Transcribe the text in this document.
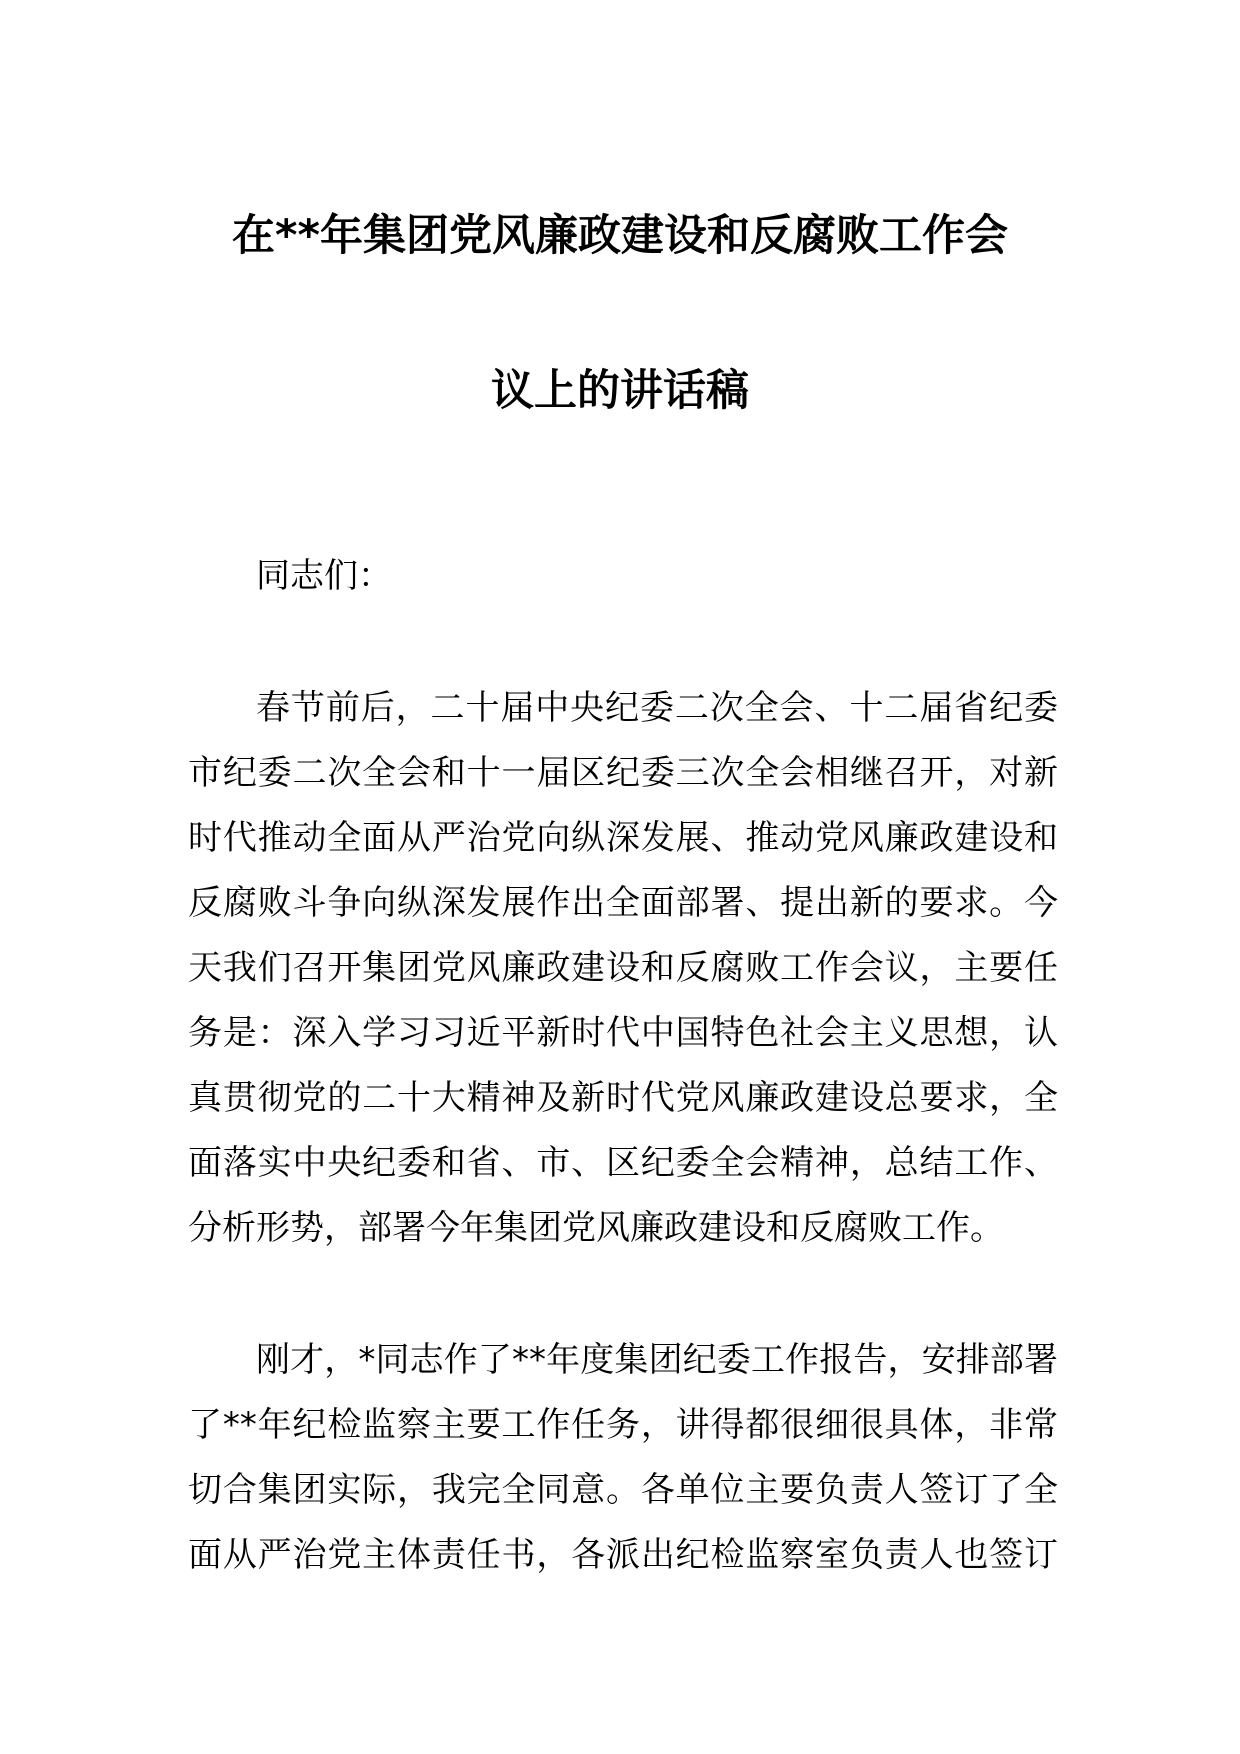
在**年集团党风廉政建设和反腐败工作会
议上的讲话稿
同志们：
春节前后，二十届中央纪委二次全会、十二届省纪委
市纪委二次全会和十一届区纪委三次全会相继召开，对新
时代推动全面从严治党向纵深发展、推动党风廉政建设和
反腐败斗争向纵深发展作出全面部署、提出新的要求。今
天我们召开集团党风廉政建设和反腐败工作会议，主要任
务是：深入学习习近平新时代中国特色社会主义思想，认
真贯彻党的二十大精神及新时代党风廉政建设总要求，全
面落实中央纪委和省、市、区纪委全会精神，总结工作、
分析形势，部署今年集团党风廉政建设和反腐败工作。
刚才，*同志作了**年度集团纪委工作报告，安排部署
了**年纪检监察主要工作任务，讲得都很细很具体，非常
切合集团实际，我完全同意。各单位主要负责人签订了全
面从严治党主体责任书，各派出纪检监察室负责人也签订
